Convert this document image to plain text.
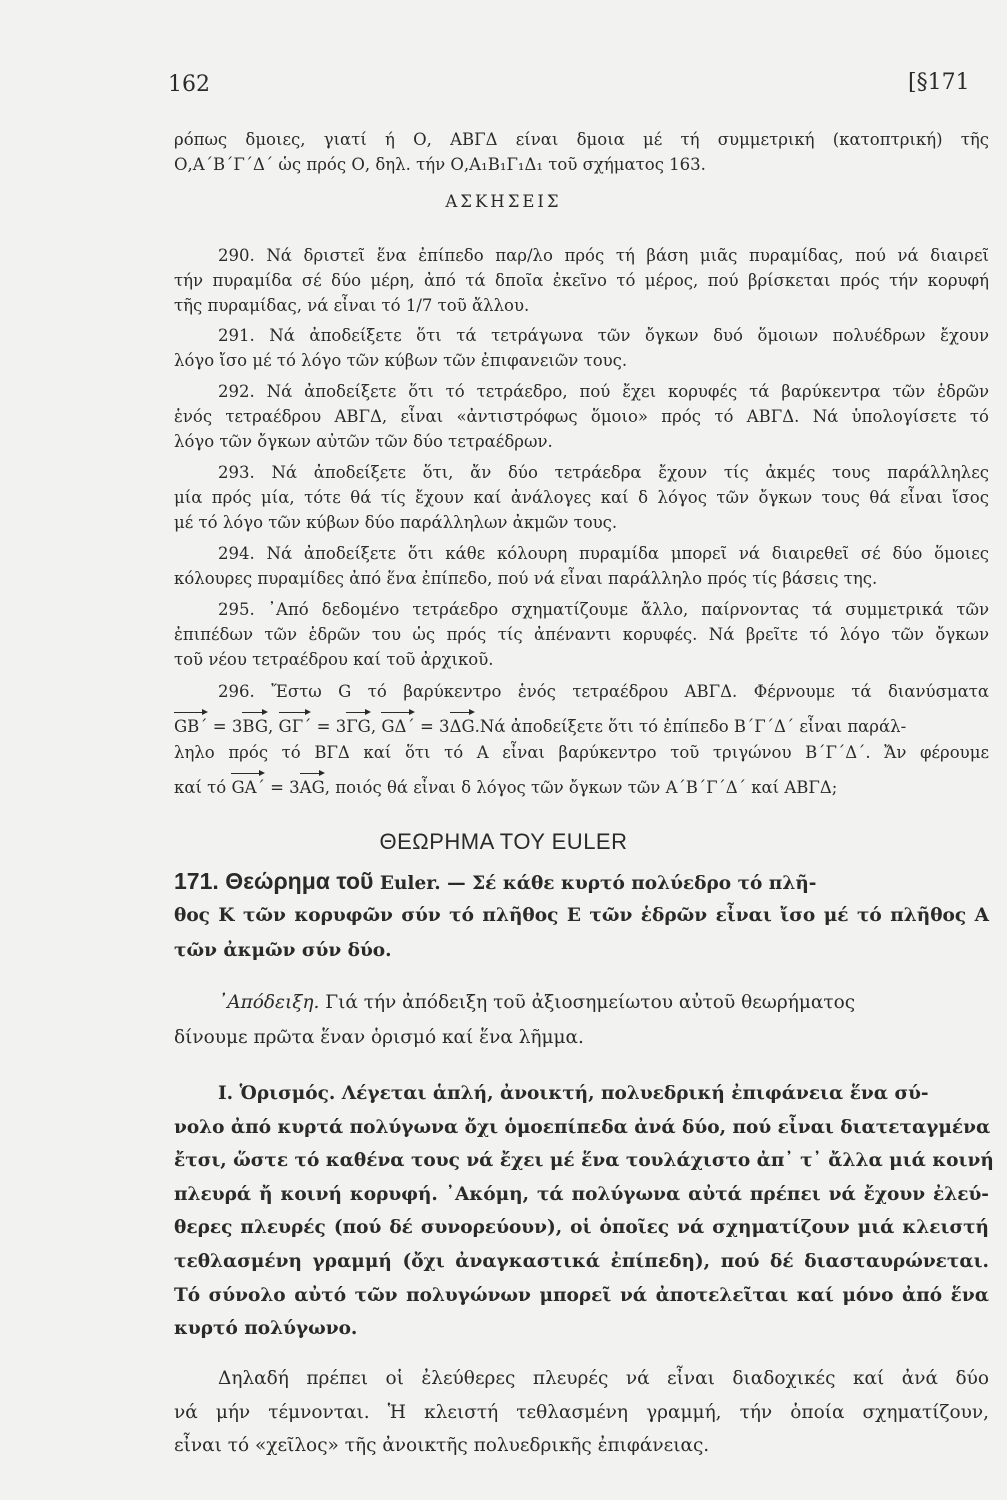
162	[§171
ρόπως δμοιες, γιατί ή Ο, ΑΒΓΔ είναι δμοια μέ τή συμμετρική (κατοπτρική) τῆς
Ο,Α΄Β΄Γ΄Δ΄ ὡς πρός Ο, δηλ. τήν Ο,Α₁Β₁Γ₁Δ₁ τοῦ σχήματος 163.
ΑΣΚΗΣΕΙΣ
290. Νά δριστεῖ ἕνα ἐπίπεδο παρ/λο πρός τή βάση μιᾶς πυραμίδας, πού νά διαιρεῖ
τήν πυραμίδα σέ δύο μέρη, ἀπό τά δποῖα ἐκεῖνο τό μέρος, πού βρίσκεται πρός τήν κορυφή
τῆς πυραμίδας, νά εἶναι τό 1/7 τοῦ ἄλλου.
291. Νά ἀποδείξετε ὅτι τά τετράγωνα τῶν ὄγκων δυό ὅμοιων πολυέδρων ἔχουν
λόγο ἴσο μέ τό λόγο τῶν κύβων τῶν ἐπιφανειῶν τους.
292. Νά ἀποδείξετε ὅτι τό τετράεδρο, πού ἔχει κορυφές τά βαρύκεντρα τῶν ἑδρῶν
ἑνός τετραέδρου ΑΒΓΔ, εἶναι «ἀντιστρόφως ὅμοιο» πρός τό ΑΒΓΔ. Νά ὑπολογίσετε τό
λόγο τῶν ὄγκων αὐτῶν τῶν δύο τετραέδρων.
293. Νά ἀποδείξετε ὅτι, ἄν δύο τετράεδρα ἔχουν τίς ἀκμές τους παράλληλες
μία πρός μία, τότε θά τίς ἔχουν καί ἀνάλογες καί δ λόγος τῶν ὄγκων τους θά εἶναι ἴσος
μέ τό λόγο τῶν κύβων δύο παράλληλων ἀκμῶν τους.
294. Νά ἀποδείξετε ὅτι κάθε κόλουρη πυραμίδα μπορεῖ νά διαιρεθεῖ σέ δύο ὅμοιες
κόλουρες πυραμίδες ἀπό ἕνα ἐπίπεδο, πού νά εἶναι παράλληλο πρός τίς βάσεις της.
295. ᾿Από δεδομένο τετράεδρο σχηματίζουμε ἄλλο, παίρνοντας τά συμμετρικά τῶν
ἐπιπέδων τῶν ἑδρῶν του ὡς πρός τίς ἀπέναντι κορυφές. Νά βρεῖτε τό λόγο τῶν ὄγκων
τοῦ νέου τετραέδρου καί τοῦ ἀρχικοῦ.
296. Ἔστω G τό βαρύκεντρο ἑνός τετραέδρου ΑΒΓΔ. Φέρνουμε τά διανύσματα
GB΄ = 3BG, GΓ΄ = 3ΓG, GΔ΄ = 3ΔG.Νά ἀποδείξετε ὅτι τό ἐπίπεδο Β΄Γ΄Δ΄ εἶναι παράλ-
ληλο πρός τό ΒΓΔ καί ὅτι τό Α εἶναι βαρύκεντρο τοῦ τριγώνου Β΄Γ΄Δ΄. Ἄν φέρουμε
καί τό GΑ΄ = 3ΑG, ποιός θά εἶναι δ λόγος τῶν ὄγκων τῶν Α΄Β΄Γ΄Δ΄ καί ΑΒΓΔ;
ΘΕΩΡΗΜΑ ΤΟΥ EULER
171. Θεώρημα τοῦ Euler. — Σέ κάθε κυρτό πολύεδρο τό πλῆ-
θος Κ τῶν κορυφῶν σύν τό πλῆθος Ε τῶν ἑδρῶν εἶναι ἴσο μέ τό πλῆθος Α
τῶν ἀκμῶν σύν δύο.
᾿Απόδειξη. Γιά τήν ἀπόδειξη τοῦ ἀξιοσημείωτου αὐτοῦ θεωρήματος
δίνουμε πρῶτα ἕναν ὁρισμό καί ἕνα λῆμμα.
Ι. Ὁρισμός. Λέγεται ἁπλή, ἀνοικτή, πολυεδρική ἐπιφάνεια ἕνα σύ-
νολο ἀπό κυρτά πολύγωνα ὄχι ὁμοεπίπεδα ἀνά δύο, πού εἶναι διατεταγμένα
ἔτσι, ὥστε τό καθένα τους νά ἔχει μέ ἕνα τουλάχιστο ἀπ᾿ τ᾿ ἄλλα μιά κοινή
πλευρά ἤ κοινή κορυφή. ᾿Ακόμη, τά πολύγωνα αὐτά πρέπει νά ἔχουν ἐλεύ-
θερες πλευρές (πού δέ συνορεύουν), οἱ ὁποῖες νά σχηματίζουν μιά κλειστή
τεθλασμένη γραμμή (ὄχι ἀναγκαστικά ἐπίπεδη), πού δέ διασταυρώνεται.
Τό σύνολο αὐτό τῶν πολυγώνων μπορεῖ νά ἀποτελεῖται καί μόνο ἀπό ἕνα
κυρτό πολύγωνο.
Δηλαδή πρέπει οἱ ἐλεύθερες πλευρές νά εἶναι διαδοχικές καί ἀνά δύο
νά μήν τέμνονται. Ἡ κλειστή τεθλασμένη γραμμή, τήν ὁποία σχηματίζουν,
εἶναι τό «χεῖλος» τῆς ἀνοικτῆς πολυεδρικῆς ἐπιφάνειας.
